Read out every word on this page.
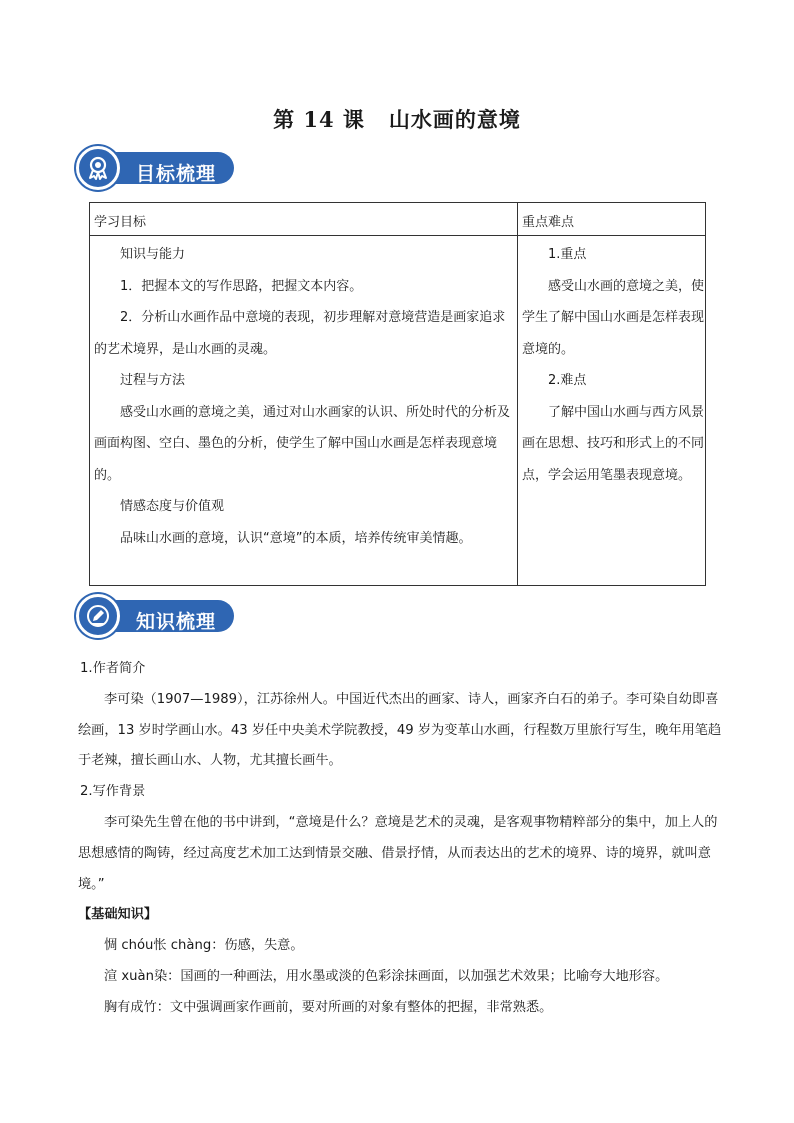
第 14 课 山水画的意境
目标梳理
学习目标	重点难点

知识与能力

1．把握本文的写作思路，把握文本内容。

2．分析山水画作品中意境的表现，初步理解对意境营造是画家追求的艺术境界，是山水画的灵魂。

过程与方法

感受山水画的意境之美，通过对山水画家的认识、所处时代的分析及画面构图、空白、墨色的分析，使学生了解中国山水画是怎样表现意境的。

情感态度与价值观

品味山水画的意境，认识“意境”的本质，培养传统审美情趣。

1.重点

感受山水画的意境之美，使学生了解中国山水画是怎样表现意境的。

2.难点

了解中国山水画与西方风景画在思想、技巧和形式上的不同点，学会运用笔墨表现意境。

知识梳理

1.作者简介

李可染（1907—1989），江苏徐州人。中国近代杰出的画家、诗人，画家齐白石的弟子。李可染自幼即喜绘画，13 岁时学画山水。43 岁任中央美术学院教授，49 岁为变革山水画，行程数万里旅行写生，晚年用笔趋于老辣，擅长画山水、人物，尤其擅长画牛。

2.写作背景

李可染先生曾在他的书中讲到，“意境是什么？意境是艺术的灵魂，是客观事物精粹部分的集中，加上人的思想感情的陶铸，经过高度艺术加工达到情景交融、借景抒情，从而表达出的艺术的境界、诗的境界，就叫意境。”

【基础知识】

惆 chóu怅 chàng：伤感，失意。

渲 xuàn染：国画的一种画法，用水墨或淡的色彩涂抹画面，以加强艺术效果；比喻夸大地形容。

胸有成竹：文中强调画家作画前，要对所画的对象有整体的把握，非常熟悉。
